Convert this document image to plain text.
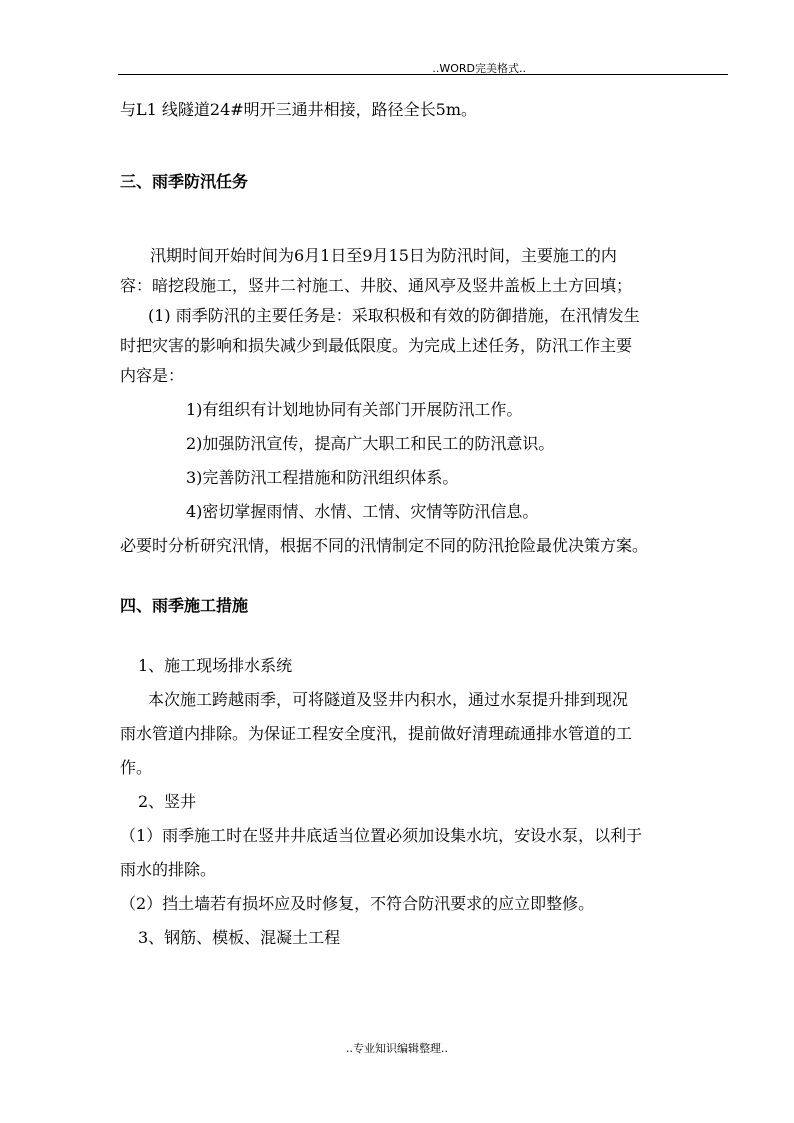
..WORD完美格式..

与L1 线隧道24#明开三通井相接，路径全长5m。

三、雨季防汛任务

汛期时间开始时间为6月1日至9月15日为防汛时间，主要施工的内

容：暗挖段施工，竖井二衬施工、井胶、通风亭及竖井盖板上土方回填；

(1) 雨季防汛的主要任务是：采取积极和有效的防御措施，在汛情发生

时把灾害的影响和损失减少到最低限度。为完成上述任务，防汛工作主要

内容是：

1)有组织有计划地协同有关部门开展防汛工作。

2)加强防汛宣传，提高广大职工和民工的防汛意识。

3)完善防汛工程措施和防汛组织体系。

4)密切掌握雨情、水情、工情、灾情等防汛信息。

必要时分析研究汛情，根据不同的汛情制定不同的防汛抢险最优决策方案。

四、雨季施工措施

1、施工现场排水系统

本次施工跨越雨季，可将隧道及竖井内积水，通过水泵提升排到现况

雨水管道内排除。为保证工程安全度汛，提前做好清理疏通排水管道的工

作。

2、竖井

（1）雨季施工时在竖井井底适当位置必须加设集水坑，安设水泵，以利于

雨水的排除。

（2）挡土墙若有损坏应及时修复，不符合防汛要求的应立即整修。

3、钢筋、模板、混凝土工程

..专业知识编辑整理..
